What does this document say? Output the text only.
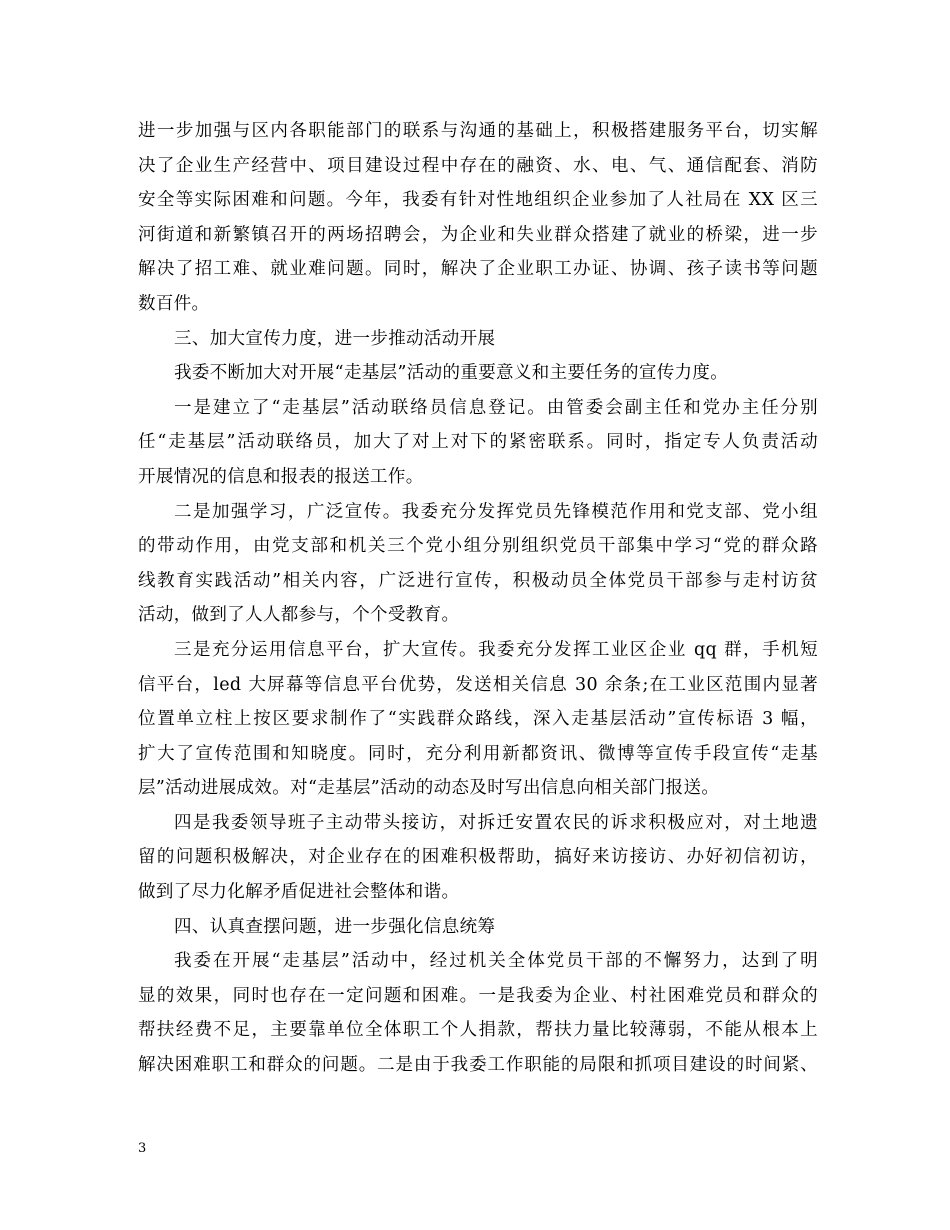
进一步加强与区内各职能部门的联系与沟通的基础上，积极搭建服务平台，切实解
决了企业生产经营中、项目建设过程中存在的融资、水、电、气、通信配套、消防
安全等实际困难和问题。今年，我委有针对性地组织企业参加了人社局在 XX 区三
河街道和新繁镇召开的两场招聘会，为企业和失业群众搭建了就业的桥梁，进一步
解决了招工难、就业难问题。同时，解决了企业职工办证、协调、孩子读书等问题
数百件。
三、加大宣传力度，进一步推动活动开展
我委不断加大对开展“走基层”活动的重要意义和主要任务的宣传力度。
一是建立了“走基层”活动联络员信息登记。由管委会副主任和党办主任分别
任“走基层”活动联络员，加大了对上对下的紧密联系。同时，指定专人负责活动
开展情况的信息和报表的报送工作。
二是加强学习，广泛宣传。我委充分发挥党员先锋模范作用和党支部、党小组
的带动作用，由党支部和机关三个党小组分别组织党员干部集中学习“党的群众路
线教育实践活动”相关内容，广泛进行宣传，积极动员全体党员干部参与走村访贫
活动，做到了人人都参与，个个受教育。
三是充分运用信息平台，扩大宣传。我委充分发挥工业区企业 qq 群，手机短
信平台，led 大屏幕等信息平台优势，发送相关信息 30 余条;在工业区范围内显著
位置单立柱上按区要求制作了“实践群众路线，深入走基层活动”宣传标语 3 幅，
扩大了宣传范围和知晓度。同时，充分利用新都资讯、微博等宣传手段宣传“走基
层”活动进展成效。对“走基层”活动的动态及时写出信息向相关部门报送。
四是我委领导班子主动带头接访，对拆迁安置农民的诉求积极应对，对土地遗
留的问题积极解决，对企业存在的困难积极帮助，搞好来访接访、办好初信初访，
做到了尽力化解矛盾促进社会整体和谐。
四、认真查摆问题，进一步强化信息统筹
我委在开展“走基层”活动中，经过机关全体党员干部的不懈努力，达到了明
显的效果，同时也存在一定问题和困难。一是我委为企业、村社困难党员和群众的
帮扶经费不足，主要靠单位全体职工个人捐款，帮扶力量比较薄弱，不能从根本上
解决困难职工和群众的问题。二是由于我委工作职能的局限和抓项目建设的时间紧、
3
